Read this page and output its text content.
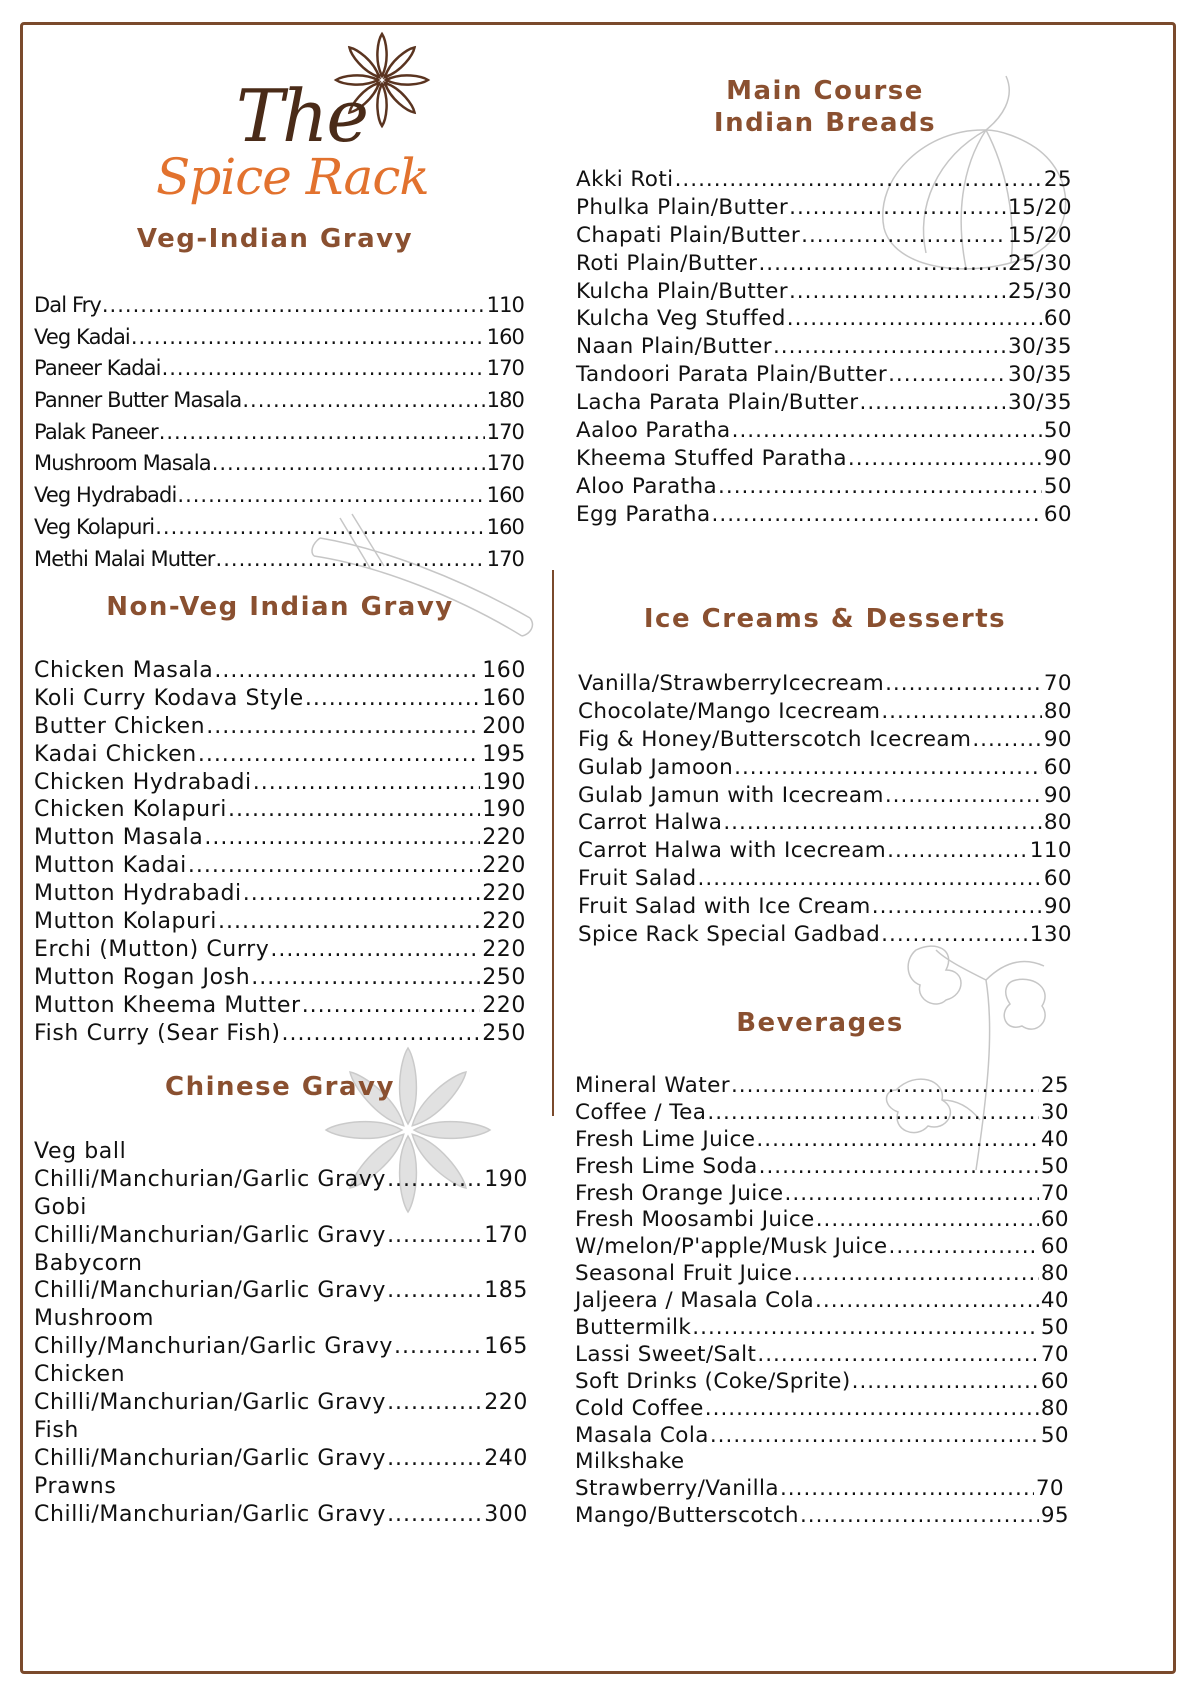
The
Spice Rack
Veg-Indian Gravy
Dal Fry .....	110
Veg Kadai .....	160
Paneer Kadai .....	170
Panner Butter Masala .....	180
Palak Paneer .....	170
Mushroom Masala .....	170
Veg Hydrabadi .....	160
Veg Kolapuri .....	160
Methi Malai Mutter .....	170
Non-Veg Indian Gravy
Chicken Masala .....	160
Koli Curry Kodava Style .....	160
Butter Chicken .....	200
Kadai Chicken .....	195
Chicken Hydrabadi .....	190
Chicken Kolapuri .....	190
Mutton Masala .....	220
Mutton Kadai .....	220
Mutton Hydrabadi .....	220
Mutton Kolapuri .....	220
Erchi (Mutton) Curry .....	220
Mutton Rogan Josh .....	250
Mutton Kheema Mutter .....	220
Fish Curry (Sear Fish) .....	250
Chinese Gravy
Veg ball
Chilli/Manchurian/Garlic Gravy .....	190
Gobi
Chilli/Manchurian/Garlic Gravy .....	170
Babycorn
Chilli/Manchurian/Garlic Gravy .....	185
Mushroom
Chilly/Manchurian/Garlic Gravy .....	165
Chicken
Chilli/Manchurian/Garlic Gravy .....	220
Fish
Chilli/Manchurian/Garlic Gravy .....	240
Prawns
Chilli/Manchurian/Garlic Gravy .....	300
Main Course
Indian Breads
Akki Roti .....	25
Phulka Plain/Butter .....	15/20
Chapati Plain/Butter .....	15/20
Roti Plain/Butter .....	25/30
Kulcha Plain/Butter .....	25/30
Kulcha Veg Stuffed .....	60
Naan Plain/Butter .....	30/35
Tandoori Parata Plain/Butter .....	30/35
Lacha Parata Plain/Butter .....	30/35
Aaloo Paratha .....	50
Kheema Stuffed Paratha .....	90
Aloo Paratha .....	50
Egg Paratha .....	60
Ice Creams & Desserts
Vanilla/StrawberryIcecream .....	70
Chocolate/Mango Icecream .....	80
Fig & Honey/Butterscotch Icecream .....	90
Gulab Jamoon .....	60
Gulab Jamun with Icecream .....	90
Carrot Halwa .....	80
Carrot Halwa with Icecream .....	110
Fruit Salad .....	60
Fruit Salad with Ice Cream .....	90
Spice Rack Special Gadbad .....	130
Beverages
Mineral Water .....	25
Coffee / Tea .....	30
Fresh Lime Juice .....	40
Fresh Lime Soda .....	50
Fresh Orange Juice .....	70
Fresh Moosambi Juice .....	60
W/melon/P'apple/Musk Juice .....	60
Seasonal Fruit Juice .....	80
Jaljeera / Masala Cola .....	40
Buttermilk .....	50
Lassi Sweet/Salt .....	70
Soft Drinks (Coke/Sprite) .....	60
Cold Coffee .....	80
Masala Cola .....	50
Milkshake
Strawberry/Vanilla .....	70
Mango/Butterscotch .....	95
